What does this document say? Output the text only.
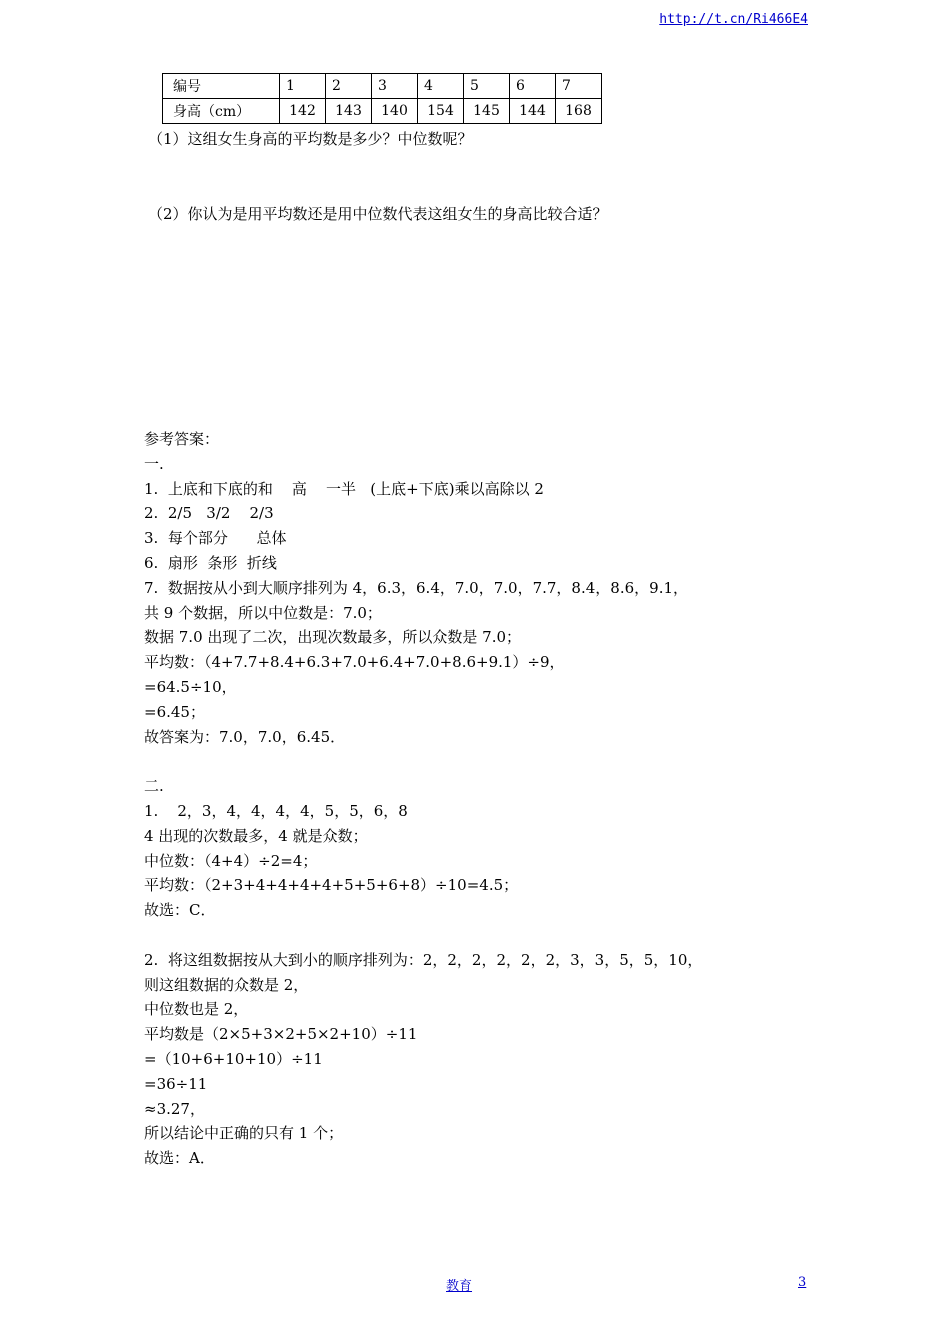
http://t.cn/Ri466E4
编号	1	2	3	4	5	6	7
身高（cm）	142	143	140	154	145	144	168
（1）这组女生身高的平均数是多少？中位数呢？
（2）你认为是用平均数还是用中位数代表这组女生的身高比较合适？
参考答案：
一.
1.  上底和下底的和    高    一半   (上底+下底)乘以高除以 2
2.  2/5   3/2    2/3
3.  每个部分      总体
6.  扇形  条形  折线
7.  数据按从小到大顺序排列为 4，6.3，6.4，7.0，7.0，7.7，8.4，8.6，9.1，
共 9 个数据，所以中位数是：7.0；
数据 7.0 出现了二次，出现次数最多，所以众数是 7.0；
平均数：（4+7.7+8.4+6.3+7.0+6.4+7.0+8.6+9.1）÷9，
=64.5÷10，
=6.45；
故答案为：7.0，7.0，6.45．
二.
1.    2，3，4，4，4，4，5，5，6，8
4 出现的次数最多，4 就是众数；
中位数：（4+4）÷2=4；
平均数：（2+3+4+4+4+4+5+5+6+8）÷10=4.5；
故选：C．
2.  将这组数据按从大到小的顺序排列为：2，2，2，2，2，2，3，3，5，5，10，
则这组数据的众数是 2，
中位数也是 2，
平均数是（2×5+3×2+5×2+10）÷11
=（10+6+10+10）÷11
=36÷11
≈3.27，
所以结论中正确的只有 1 个；
故选：A．
教育	3
